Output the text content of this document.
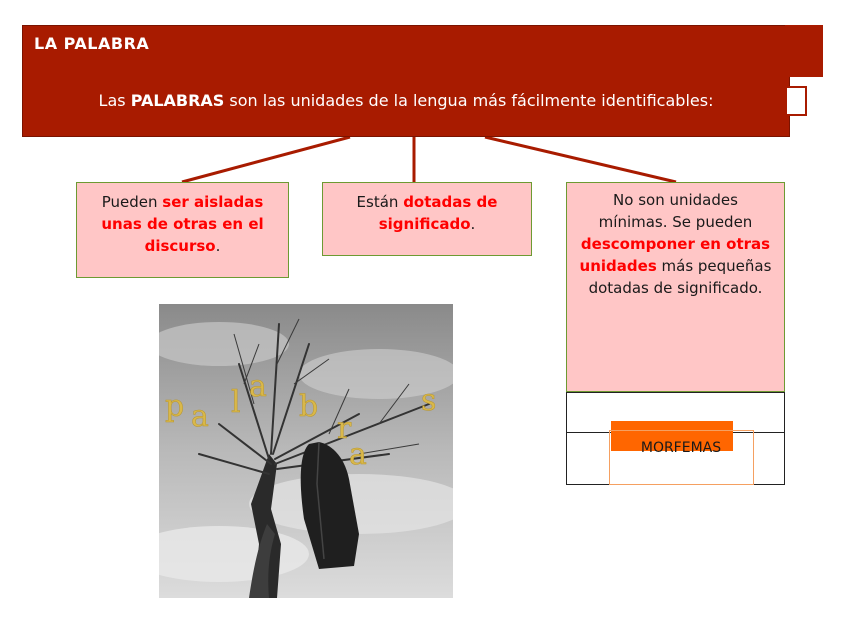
LA PALABRA
Las PALABRAS son las unidades de la lengua más fácilmente identificables:
Pueden ser aisladas unas de otras en el discurso.
Están dotadas de significado.
No son unidades mínimas. Se pueden descomponer en otras unidades más pequeñas dotadas de significado.
MORFEMAS
p a l a
b
r
a
s
